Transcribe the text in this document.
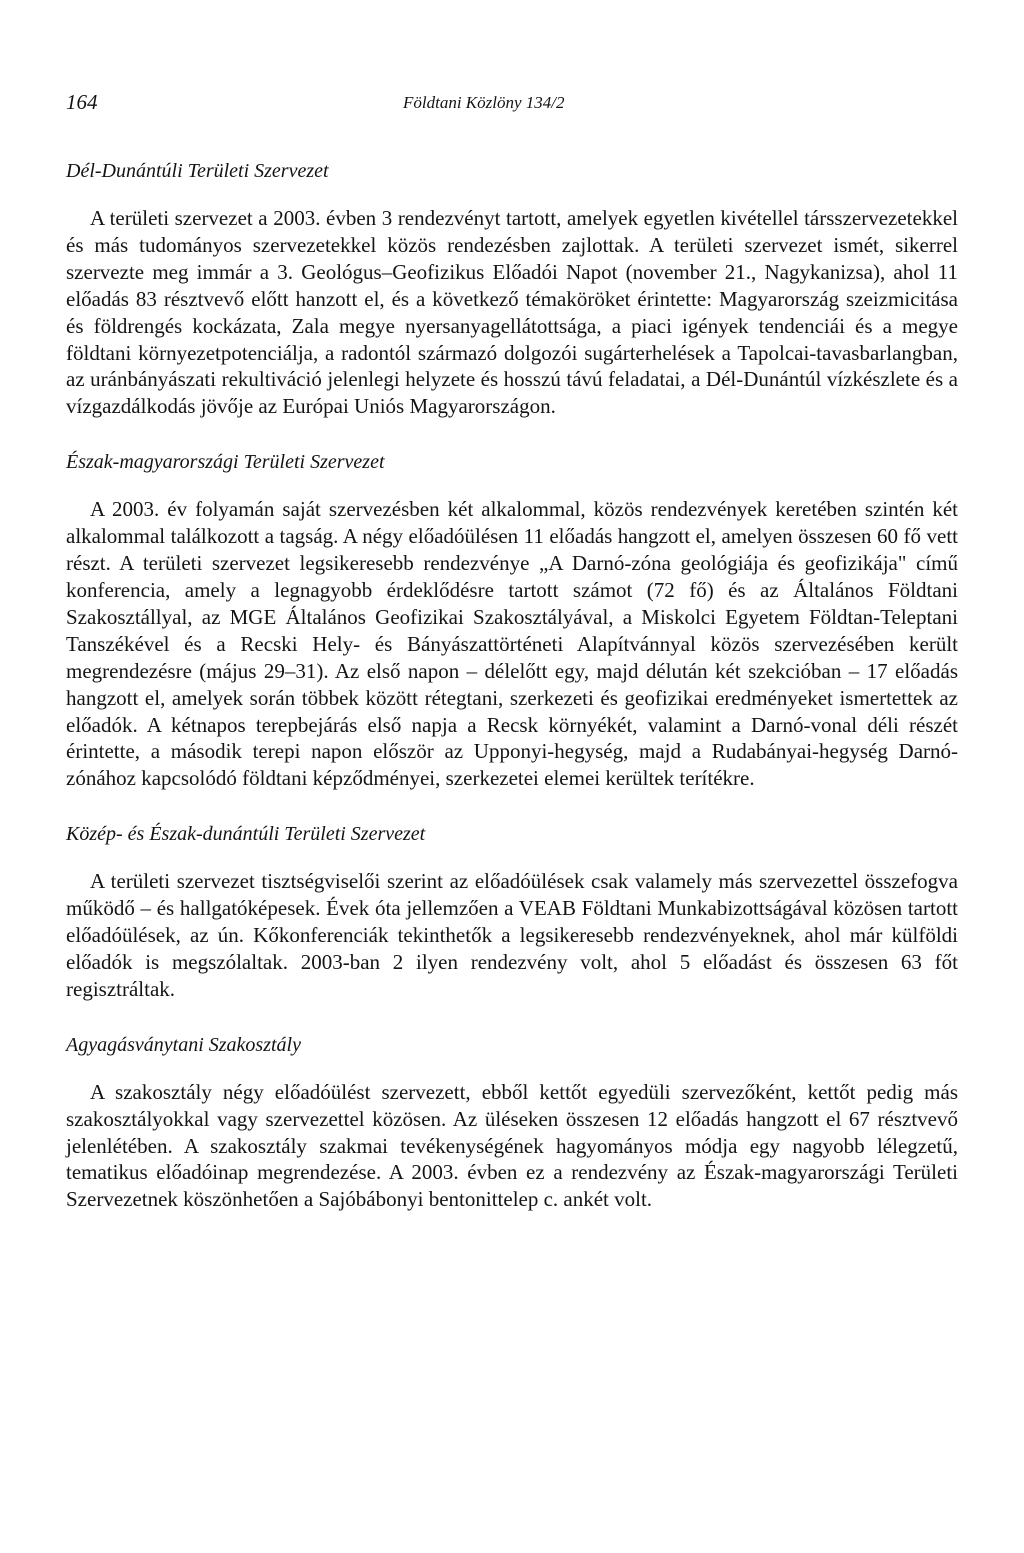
164	Földtani Közlöny 134/2
Dél-Dunántúli Területi Szervezet

A területi szervezet a 2003. évben 3 rendezvényt tartott, amelyek egyetlen kivétellel társszervezetekkel és más tudományos szervezetekkel közös rendezésben zajlottak. A területi szervezet ismét, sikerrel szervezte meg immár a 3. Geológus–Geofizikus Előadói Napot (november 21., Nagykanizsa), ahol 11 előadás 83 résztvevő előtt hanzott el, és a következő témaköröket érintette: Magyarország szeizmicitása és földrengés kockázata, Zala megye nyersanyagellátottsága, a piaci igények tendenciái és a megye földtani környezetpotenciálja, a radontól származó dolgozói sugárterhelések a Tapolcai-tavasbarlangban, az uránbányászati rekultiváció jelenlegi helyzete és hosszú távú feladatai, a Dél-Dunántúl vízkészlete és a vízgazdálkodás jövője az Európai Uniós Magyarországon.

Észak-magyarországi Területi Szervezet

A 2003. év folyamán saját szervezésben két alkalommal, közös rendezvények keretében szintén két alkalommal találkozott a tagság. A négy előadóülésen 11 előadás hangzott el, amelyen összesen 60 fő vett részt. A területi szervezet legsikeresebb rendezvénye „A Darnó-zóna geológiája és geofizikája" című konferencia, amely a legnagyobb érdeklődésre tartott számot (72 fő) és az Általános Földtani Szakosztállyal, az MGE Általános Geofizikai Szakosztályával, a Miskolci Egyetem Földtan-Teleptani Tanszékével és a Recski Hely- és Bányászattörténeti Alapítvánnyal közös szervezésében került megrendezésre (május 29–31). Az első napon – délelőtt egy, majd délután két szekcióban – 17 előadás hangzott el, amelyek során többek között rétegtani, szerkezeti és geofizikai eredményeket ismertettek az előadók. A kétnapos terepbejárás első napja a Recsk környékét, valamint a Darnó-vonal déli részét érintette, a második terepi napon először az Upponyi-hegység, majd a Rudabányai-hegység Darnó-zónához kapcsolódó földtani képződményei, szerkezetei elemei kerültek terítékre.

Közép- és Észak-dunántúli Területi Szervezet

A területi szervezet tisztségviselői szerint az előadóülések csak valamely más szervezettel összefogva működő – és hallgatóképesek. Évek óta jellemzően a VEAB Földtani Munkabizottságával közösen tartott előadóülések, az ún. Kőkonferenciák tekinthetők a legsikeresebb rendezvényeknek, ahol már külföldi előadók is megszólaltak. 2003-ban 2 ilyen rendezvény volt, ahol 5 előadást és összesen 63 főt regisztráltak.

Agyagásványtani Szakosztály

A szakosztály négy előadóülést szervezett, ebből kettőt egyedüli szervezőként, kettőt pedig más szakosztályokkal vagy szervezettel közösen. Az üléseken összesen 12 előadás hangzott el 67 résztvevő jelenlétében. A szakosztály szakmai tevékenységének hagyományos módja egy nagyobb lélegzetű, tematikus előadóinap megrendezése. A 2003. évben ez a rendezvény az Észak-magyarországi Területi Szervezetnek köszönhetően a Sajóbábonyi bentonittelep c. ankét volt.
